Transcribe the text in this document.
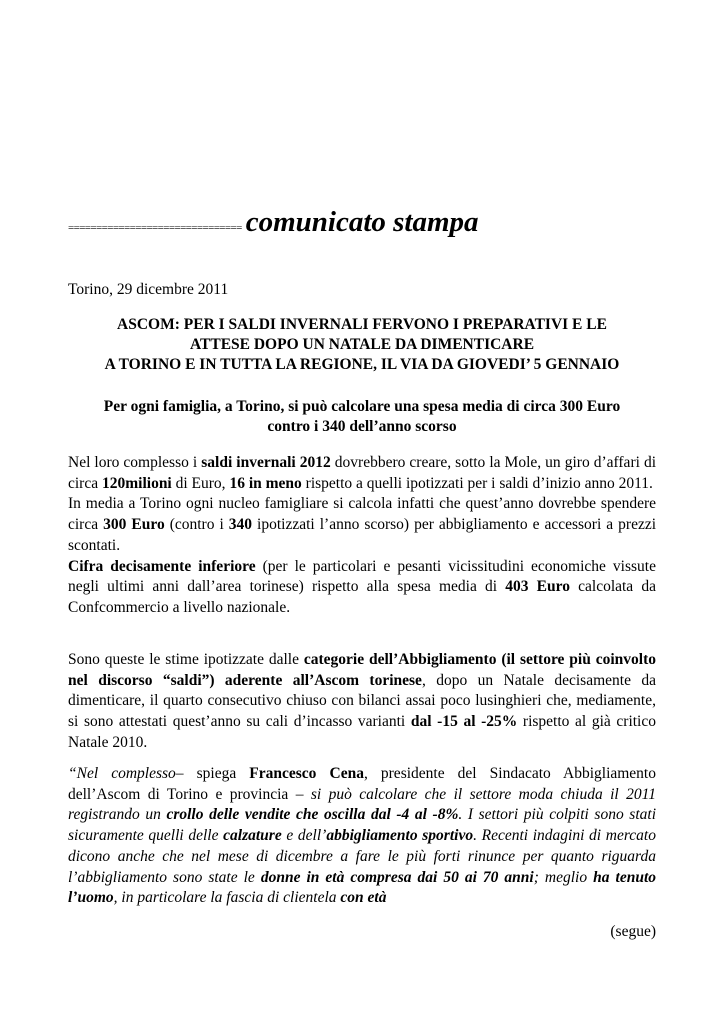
=============================== comunicato stampa
Torino, 29 dicembre 2011
ASCOM: PER I SALDI INVERNALI FERVONO I PREPARATIVI E LE
ATTESE DOPO UN NATALE DA DIMENTICARE
A TORINO E IN TUTTA LA REGIONE, IL VIA DA GIOVEDI’ 5 GENNAIO
Per ogni famiglia, a Torino, si può calcolare una spesa media di circa 300 Euro
contro i 340 dell’anno scorso
Nel loro complesso i saldi invernali 2012 dovrebbero creare, sotto la Mole, un giro d’affari di circa 120milioni di Euro, 16 in meno rispetto a quelli ipotizzati per i saldi d’inizio anno 2011.
In media a Torino ogni nucleo famigliare si calcola infatti che quest’anno dovrebbe spendere circa 300 Euro (contro i 340 ipotizzati l’anno scorso) per abbigliamento e accessori a prezzi scontati.
Cifra decisamente inferiore (per le particolari e pesanti vicissitudini economiche vissute negli ultimi anni dall’area torinese) rispetto alla spesa media di 403 Euro calcolata da Confcommercio a livello nazionale.
Sono queste le stime ipotizzate dalle categorie dell’Abbigliamento (il settore più coinvolto nel discorso “saldi”) aderente all’Ascom torinese, dopo un Natale decisamente da dimenticare, il quarto consecutivo chiuso con bilanci assai poco lusinghieri che, mediamente, si sono attestati quest’anno su cali d’incasso varianti dal -15 al -25% rispetto al già critico Natale 2010.
“Nel complesso– spiega Francesco Cena, presidente del Sindacato Abbigliamento dell’Ascom di Torino e provincia – si può calcolare che il settore moda chiuda il 2011 registrando un crollo delle vendite che oscilla dal -4 al -8%. I settori più colpiti sono stati sicuramente quelli delle calzature e dell’abbigliamento sportivo. Recenti indagini di mercato dicono anche che nel mese di dicembre a fare le più forti rinunce per quanto riguarda l’abbigliamento sono state le donne in età compresa dai 50 ai 70 anni; meglio ha tenuto l’uomo, in particolare la fascia di clientela con età
(segue)
